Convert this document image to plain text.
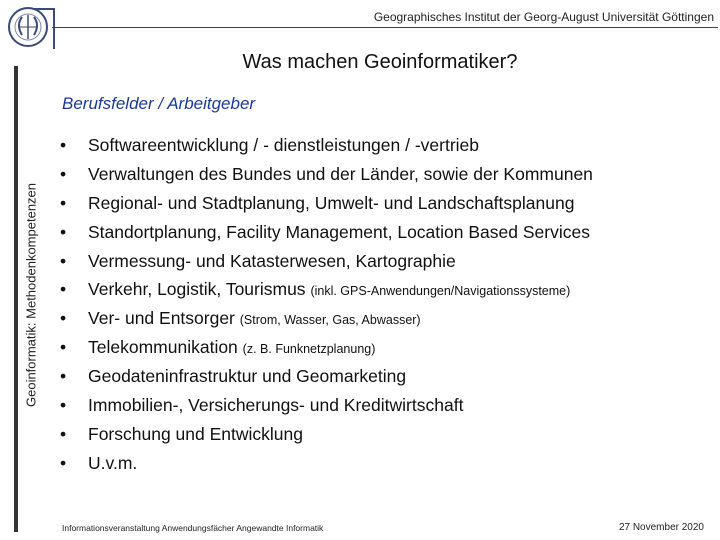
Geographisches Institut der Georg-August Universität Göttingen
Geoinformatik: Methodenkompetenzen
Was machen Geoinformatiker?
Berufsfelder / Arbeitgeber
• Softwareentwicklung / - dienstleistungen / -vertrieb
• Verwaltungen des Bundes und der Länder, sowie der Kommunen
• Regional- und Stadtplanung, Umwelt- und Landschaftsplanung
• Standortplanung, Facility Management, Location Based Services
• Vermessung- und Katasterwesen, Kartographie
• Verkehr, Logistik, Tourismus (inkl. GPS-Anwendungen/Navigationssysteme)
• Ver- und Entsorger (Strom, Wasser, Gas, Abwasser)
• Telekommunikation (z. B. Funknetzplanung)
• Geodateninfrastruktur und Geomarketing
• Immobilien-, Versicherungs- und Kreditwirtschaft
• Forschung und Entwicklung
• U.v.m.
Informationsveranstaltung Anwendungsfächer Angewandte Informatik	27 November 2020
